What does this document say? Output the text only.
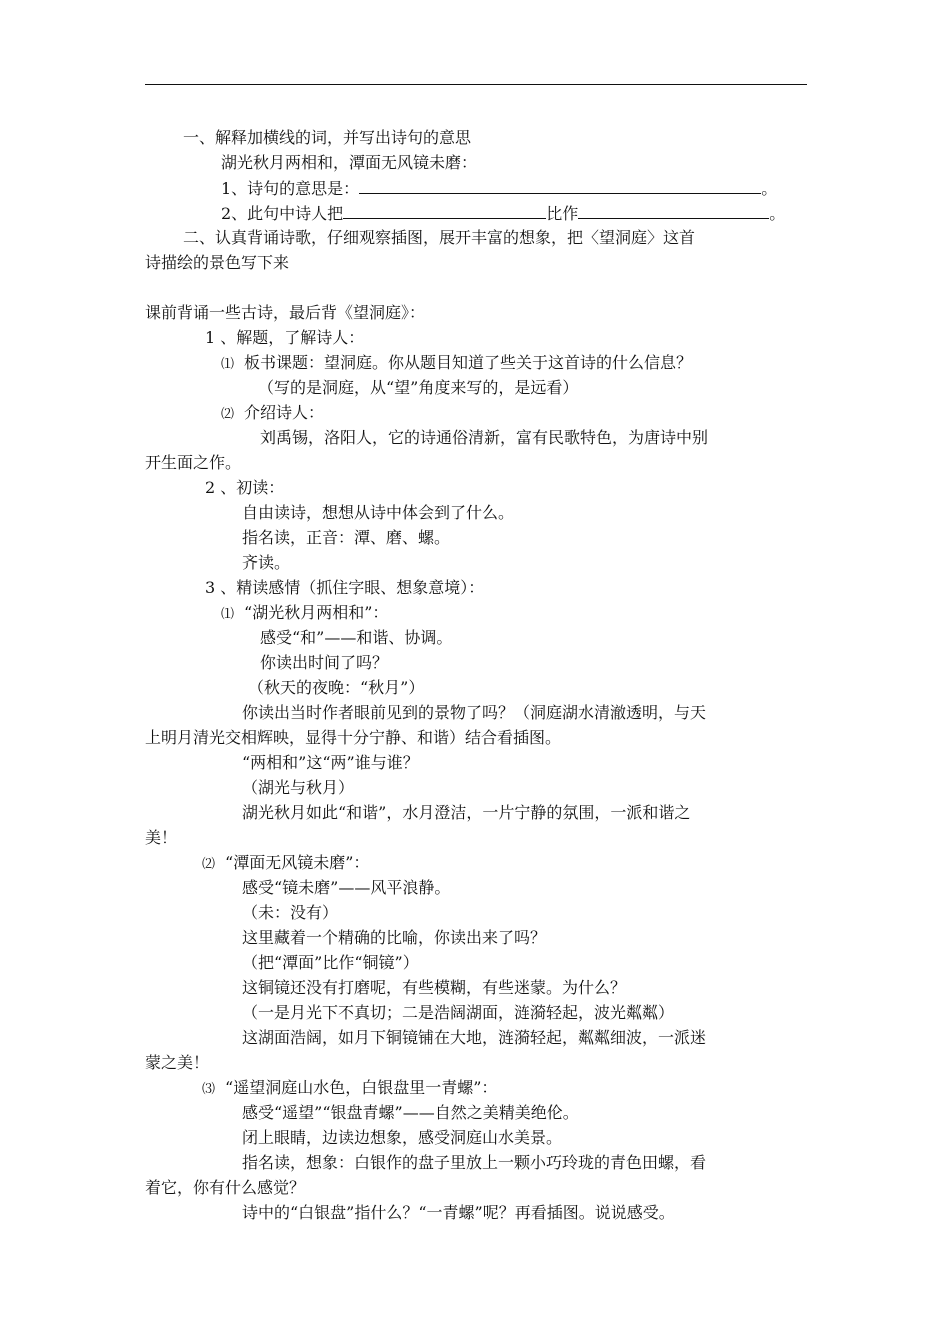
一、解释加横线的词，并写出诗句的意思
湖光秋月两相和，潭面无风镜未磨：
1、诗句的意思是：	。
2、此句中诗人把	比作	。
二、认真背诵诗歌，仔细观察插图，展开丰富的想象，把〈望洞庭〉这首
诗描绘的景色写下来
课前背诵一些古诗，最后背《望洞庭》：
1 、解题，了解诗人：
⑴ 板书课题：望洞庭。你从题目知道了些关于这首诗的什么信息？
（写的是洞庭，从“望”角度来写的，是远看）
⑵ 介绍诗人：
刘禹锡，洛阳人，它的诗通俗清新，富有民歌特色，为唐诗中别
开生面之作。
2 、初读：
自由读诗，想想从诗中体会到了什么。
指名读，正音：潭、磨、螺。
齐读。
3 、精读感情（抓住字眼、想象意境）：
⑴ “湖光秋月两相和”：
感受“和”——和谐、协调。
你读出时间了吗？
（秋天的夜晚：“秋月”）
你读出当时作者眼前见到的景物了吗？（洞庭湖水清澈透明，与天
上明月清光交相辉映，显得十分宁静、和谐）结合看插图。
“两相和”这“两”谁与谁？
（湖光与秋月）
湖光秋月如此“和谐”，水月澄洁，一片宁静的氛围，一派和谐之
美！
⑵ “潭面无风镜未磨”：
感受“镜未磨”——风平浪静。
（未：没有）
这里藏着一个精确的比喻，你读出来了吗？
（把“潭面”比作“铜镜”）
这铜镜还没有打磨呢，有些模糊，有些迷蒙。为什么？
（一是月光下不真切；二是浩阔湖面，涟漪轻起，波光粼粼）
这湖面浩阔，如月下铜镜铺在大地，涟漪轻起，粼粼细波，一派迷
蒙之美！
⑶ “遥望洞庭山水色，白银盘里一青螺”：
感受“遥望”“银盘青螺”——自然之美精美绝伦。
闭上眼睛，边读边想象，感受洞庭山水美景。
指名读，想象：白银作的盘子里放上一颗小巧玲珑的青色田螺，看
着它，你有什么感觉？
诗中的“白银盘”指什么？“一青螺”呢？再看插图。说说感受。
